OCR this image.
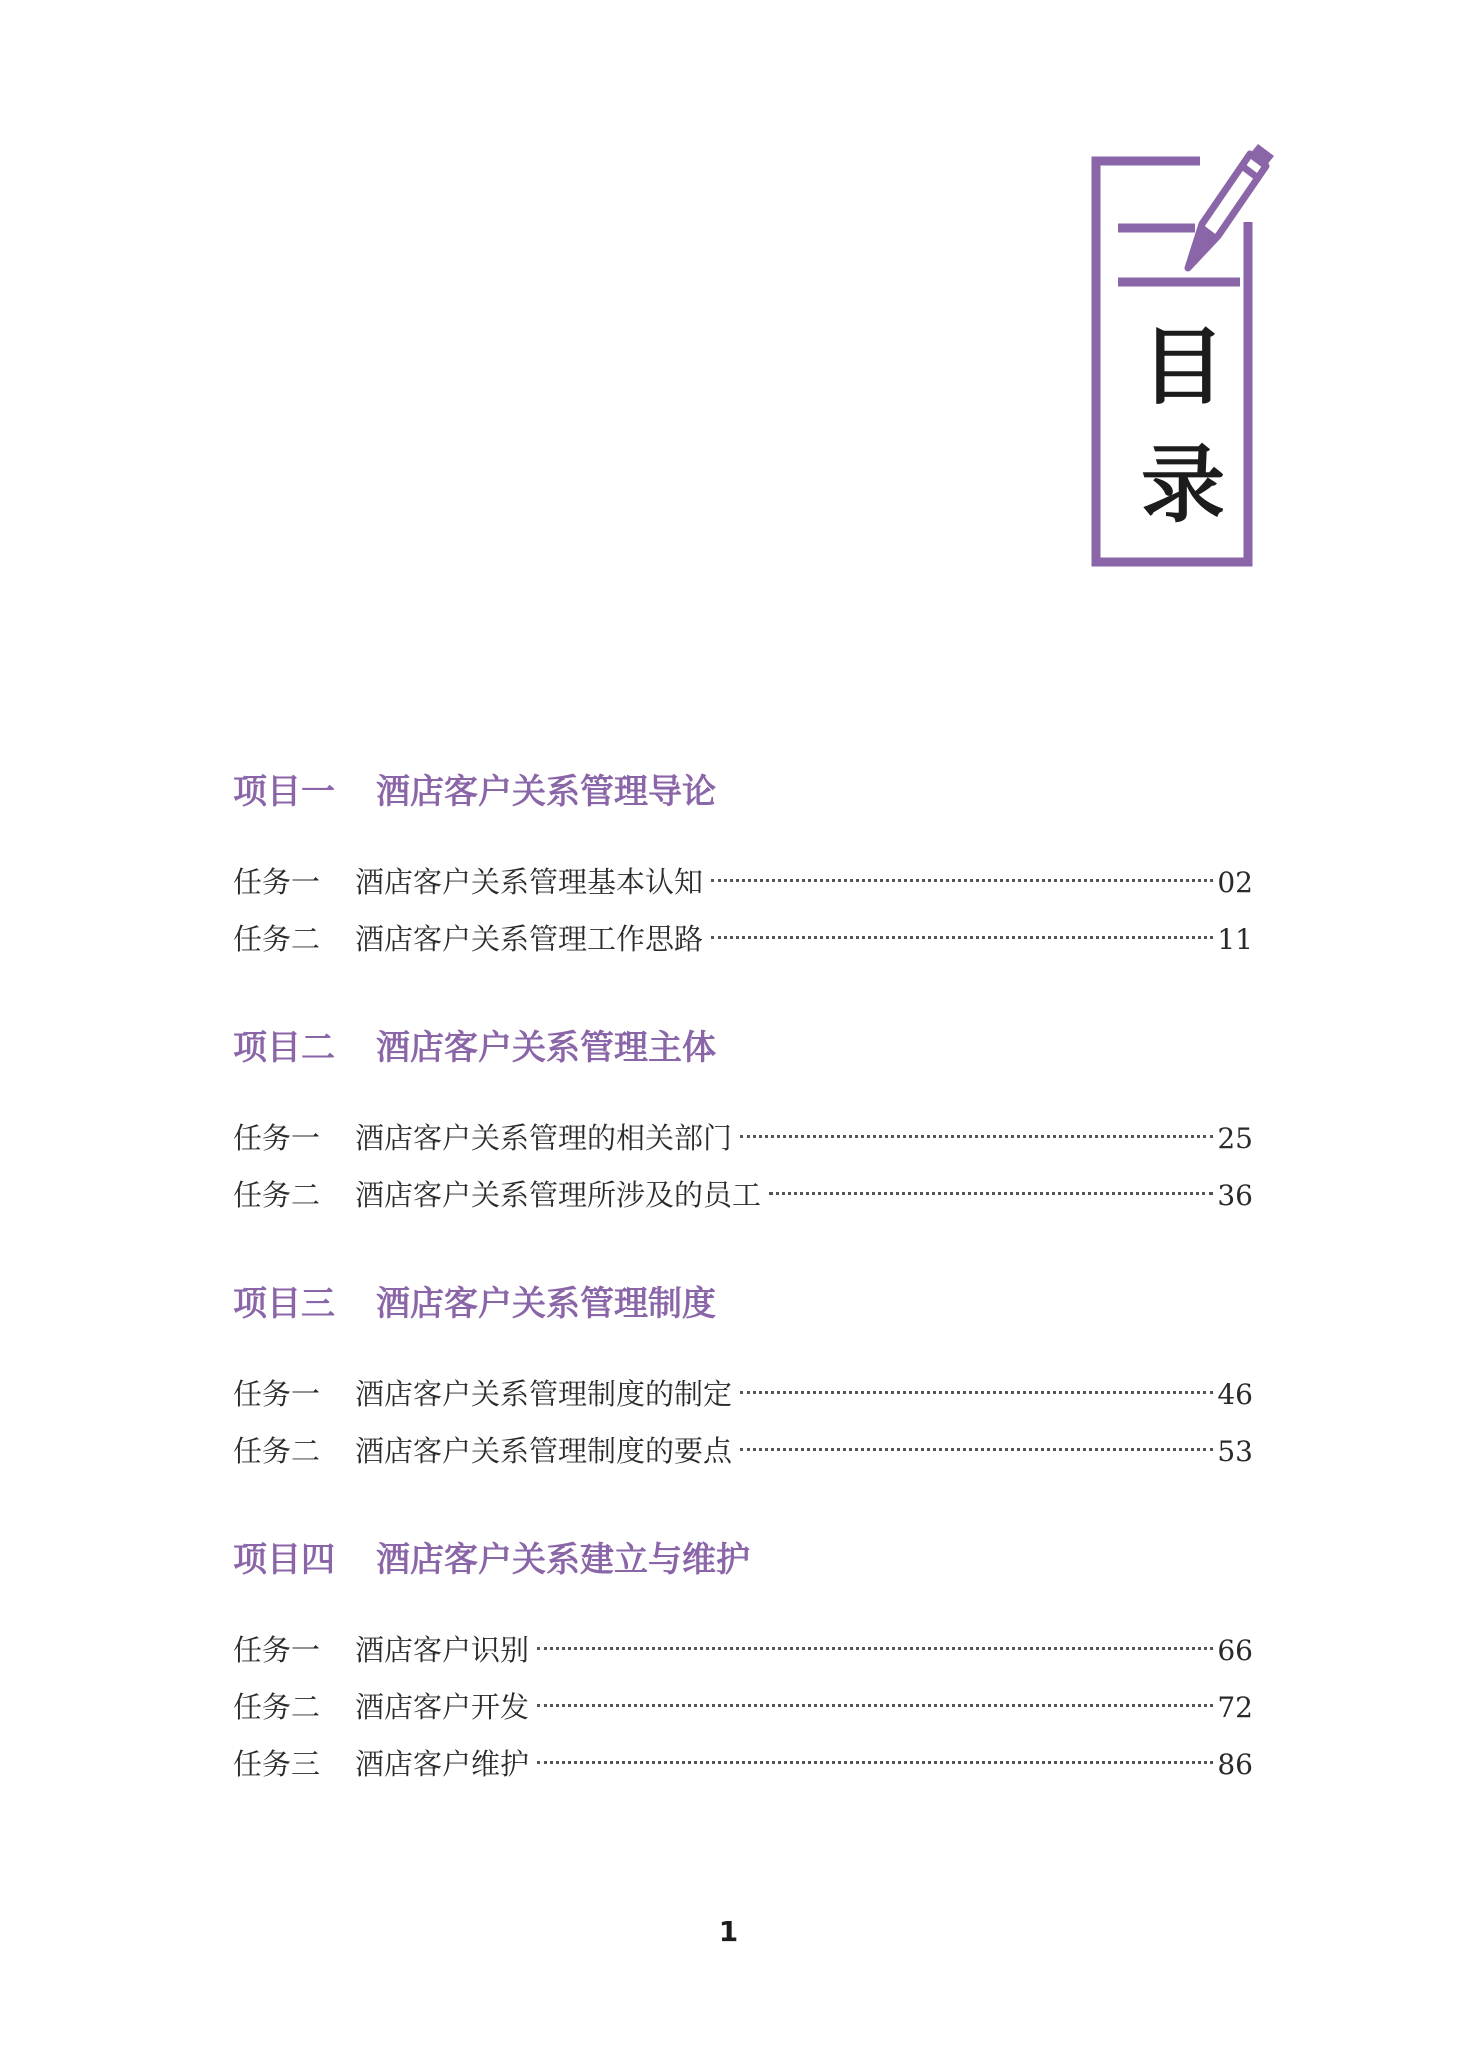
目
录
项目一	酒店客户关系管理导论
任务一	酒店客户关系管理基本认知	02
任务二	酒店客户关系管理工作思路	11
项目二	酒店客户关系管理主体
任务一	酒店客户关系管理的相关部门	25
任务二	酒店客户关系管理所涉及的员工	36
项目三	酒店客户关系管理制度
任务一	酒店客户关系管理制度的制定	46
任务二	酒店客户关系管理制度的要点	53
项目四	酒店客户关系建立与维护
任务一	酒店客户识别	66
任务二	酒店客户开发	72
任务三	酒店客户维护	86
1
